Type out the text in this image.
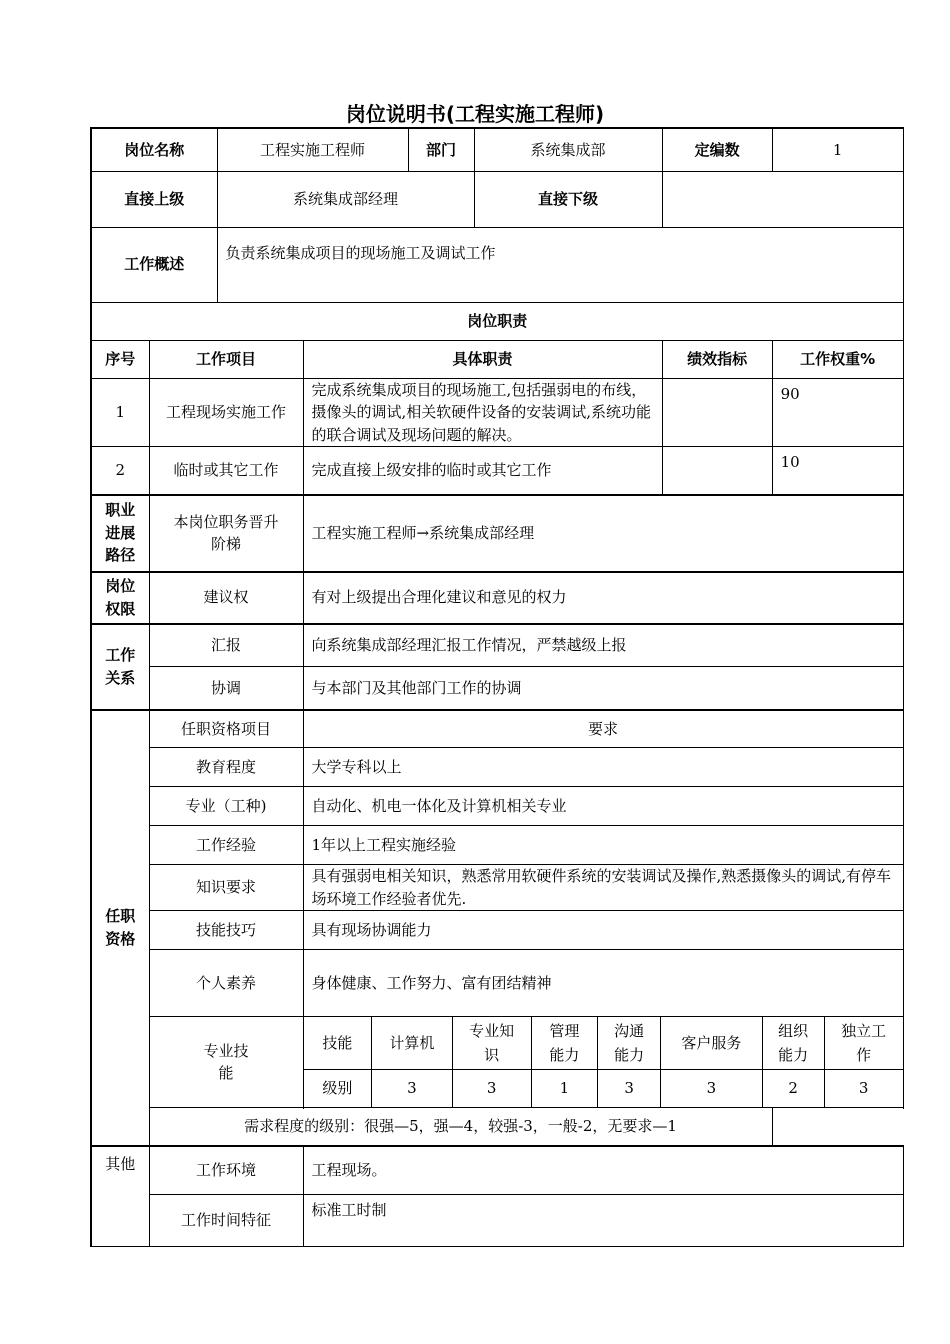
岗位说明书(工程实施工程师)
岗位名称	工程实施工程师	部门	系统集成部	定编数	1
直接上级	系统集成部经理	直接下级	
工作概述	负责系统集成项目的现场施工及调试工作
岗位职责
序号	工作项目	具体职责	绩效指标	工作权重%
1	工程现场实施工作	完成系统集成项目的现场施工,包括强弱电的布线，摄像头的调试,相关软硬件设备的安装调试,系统功能的联合调试及现场问题的解决。		90
2	临时或其它工作	完成直接上级安排的临时或其它工作		10
职业进展路径	本岗位职务晋升阶梯	工程实施工程师→系统集成部经理
岗位权限	建议权	有对上级提出合理化建议和意见的权力
工作关系	汇报	向系统集成部经理汇报工作情况，严禁越级上报
协调	与本部门及其他部门工作的协调
任职资格	任职资格项目	要求
教育程度	大学专科以上
专业（工种)	自动化、机电一体化及计算机相关专业
工作经验	1年以上工程实施经验
知识要求	具有强弱电相关知识，熟悉常用软硬件系统的安装调试及操作,熟悉摄像头的调试,有停车场环境工作经验者优先.
技能技巧	具有现场协调能力
个人素养	身体健康、工作努力、富有团结精神

专业技能

技能	计算机	专业知识	管理能力	沟通能力	客户服务	组织能力	独立工作
级别	3	3	1	3	3	2	3

需求程度的级别：很强—5，强—4，较强-3，一般-2，无要求—1
其他	工作环境	工程现场。
工作时间特征	标准工时制
